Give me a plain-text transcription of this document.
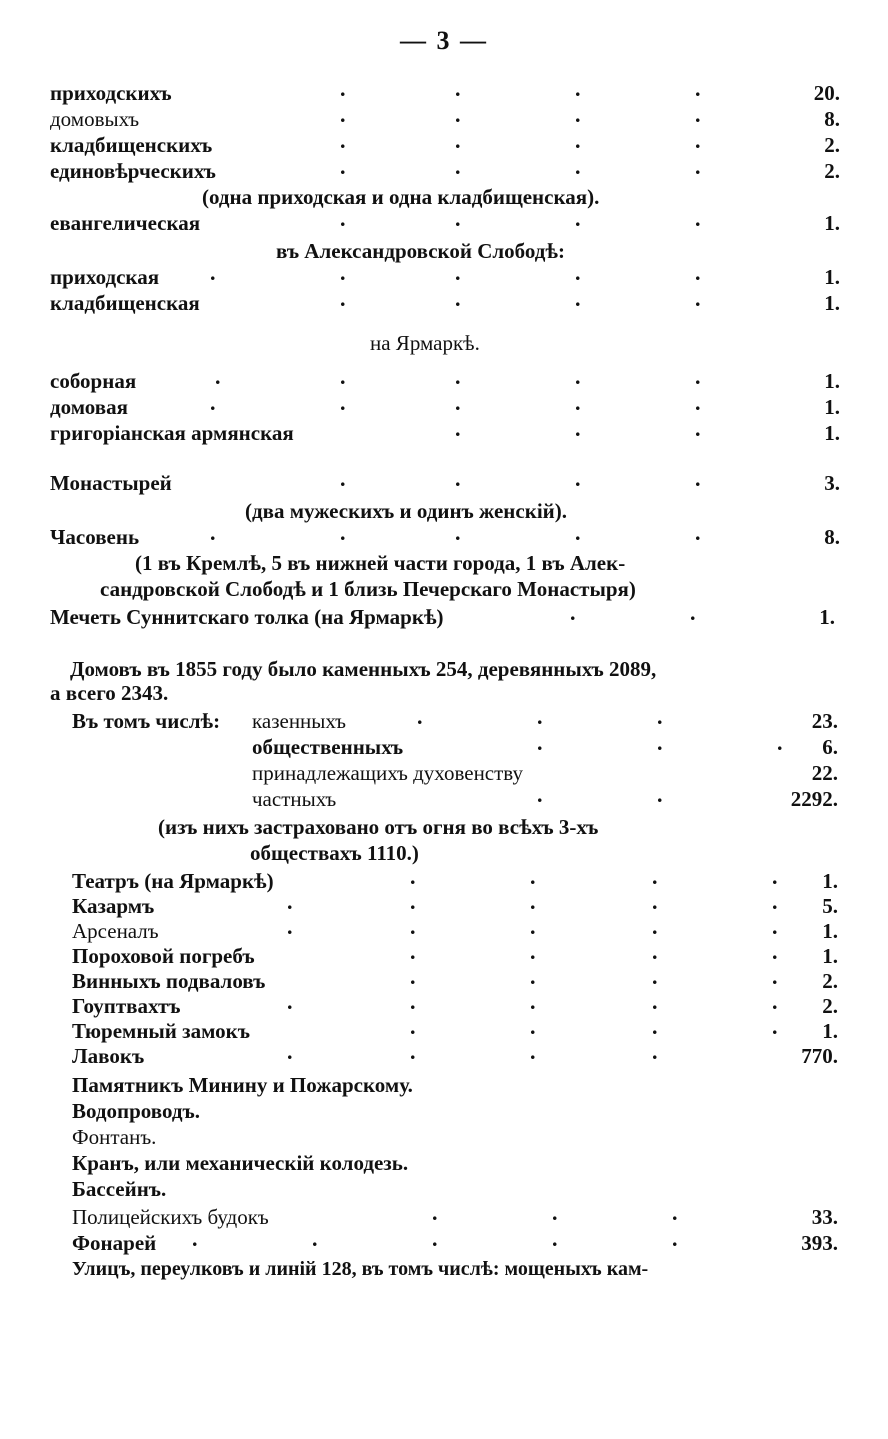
— 3 —
приходскихъ	.	.	.	.	20.
домовыхъ	.	.	.	.	8.
кладбищенскихъ	.	.	.	.	2.
единовѣрческихъ	.	.	.	.	2.
(одна приходская и одна кладбищенская).
евангелическая	.	.	.	.	1.
въ Александровской Слободѣ:
приходская .	.	.	.	.	1.
кладбищенская	.	.	.	.	1.
на Ярмаркѣ.
соборная	.	.	.	.	.	1.
домовая	.	.	.	.	.	1.
григоріанская армянская	.	.	.	1.
Монастырей	.	.	.	.	3.
(два мужескихъ и одинъ женскій).
Часовень	.	.	.	.	.	8.
(1 въ Кремлѣ, 5 въ нижней части города, 1 въ Алек-
сандровской Слободѣ и 1 близь Печерскаго Монастыря)
Мечеть Суннитскаго толка (на Ярмаркѣ)	.	.	1.
Домовъ въ 1855 году было каменныхъ 254, деревянныхъ 2089,
а всего 2343.
Въ томъ числѣ: казенныхъ	.	.	.	23.
общественныхъ	.	.	. 6.
принадлежащихъ духовенству	22.
частныхъ	.	.	2292.
(изъ нихъ застраховано отъ огня во всѣхъ 3-хъ
обществахъ 1110.)
Театръ (на Ярмаркѣ)	.	.	.	. 1.
Казармъ	.	.	.	.	. 5.
Арсеналъ	.	.	.	.	. 1.
Пороховой погребъ	.	.	.	. 1.
Винныхъ подваловъ	.	.	.	. 2.
Гоуптвахтъ	.	.	.	.	. 2.
Тюремный замокъ	.	.	.	. 1.
Лавокъ	.	.	.	.	770.
Памятникъ Минину и Пожарскому.
Водопроводъ.
Фонтанъ.
Кранъ, или механическій колодезь.
Бассейнъ.
Полицейскихъ будокъ	.	.	.	33.
Фонарей .	.	.	.	.	393.
Улицъ, переулковъ и линій 128, въ томъ числѣ: мощеныхъ кам-
